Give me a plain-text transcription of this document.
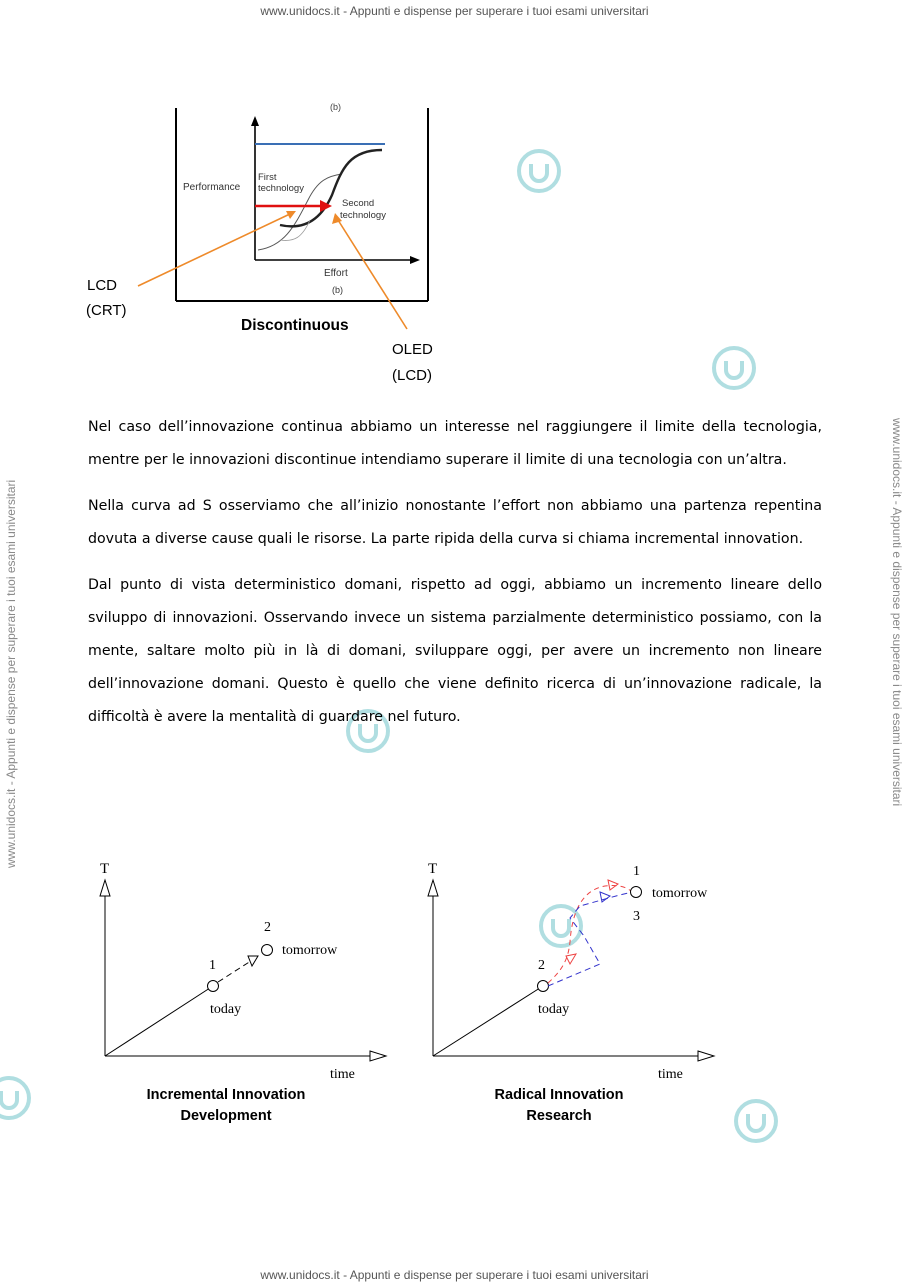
www.unidocs.it - Appunti e dispense per superare i tuoi esami universitari
www.unidocs.it - Appunti e dispense per superare i tuoi esami universitari
www.unidocs.it - Appunti e dispense per superare i tuoi esami universitari	www.unidocs.it - Appunti e dispense per superare i tuoi esami universitari
(b)
Performance
First
technology
Second
technology
Effort
(b)
Discontinuous
LCD
(CRT)
OLED
(LCD)
Nel caso dell’innovazione continua abbiamo un interesse nel raggiungere il limite della tecnologia, mentre per le innovazioni discontinue intendiamo superare il limite di una tecnologia con un’altra.
Nella curva ad S osserviamo che all’inizio nonostante l’effort non abbiamo una partenza repentina dovuta a diverse cause quali le risorse. La parte ripida della curva si chiama incremental innovation.
Dal punto di vista deterministico domani, rispetto ad oggi, abbiamo un incremento lineare dello sviluppo di innovazioni. Osservando invece un sistema parzialmente deterministico possiamo, con la mente, saltare molto più in là di domani, sviluppare oggi, per avere un incremento non lineare dell’innovazione domani. Questo è quello che viene definito ricerca di un’innovazione radicale, la difficoltà è avere la mentalità di guardare nel futuro.
T
time
1
today
2
tomorrow
Incremental Innovation
Development
T
time
2
today
1
tomorrow
3
Radical Innovation
Research
